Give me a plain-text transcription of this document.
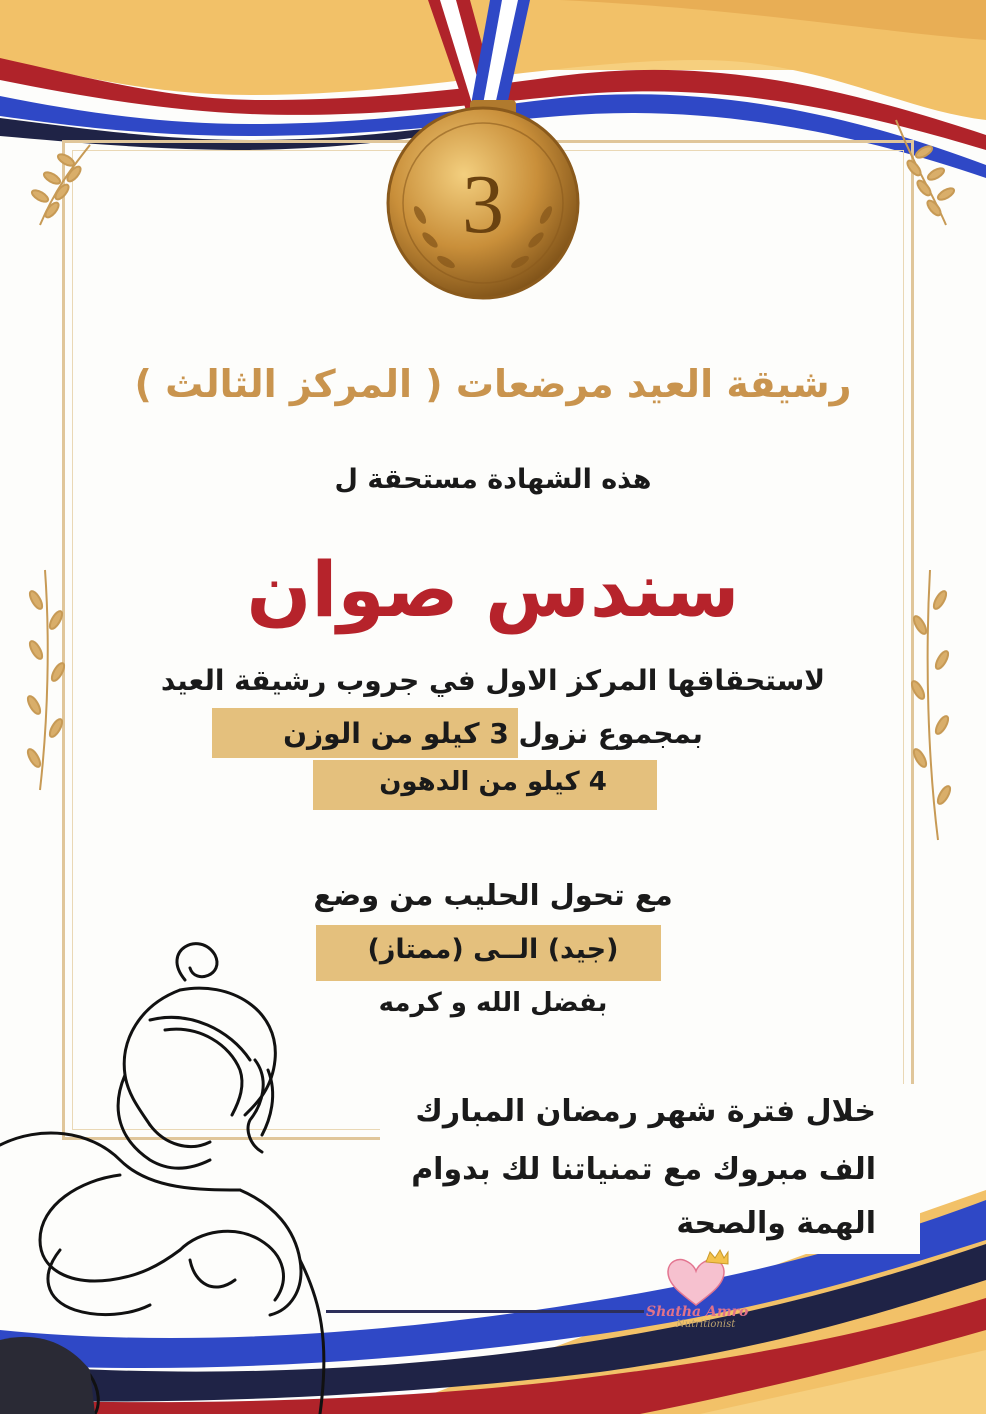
3
رشيقة العيد مرضعات ( المركز الثالث )
هذه الشهادة مستحقة ل
سندس صوان
لاستحقاقها المركز الاول في جروب رشيقة العيد
بمجموع نزول 3 كيلو من الوزن
4 كيلو من الدهون
مع تحول الحليب من وضع
(جيد) الــى (ممتاز)
بفضل الله و كرمه
خلال فترة شهر رمضان المبارك
الف مبروك مع تمنياتنا لك بدوام
الهمة والصحة
Shatha Amro
Nutritionist
